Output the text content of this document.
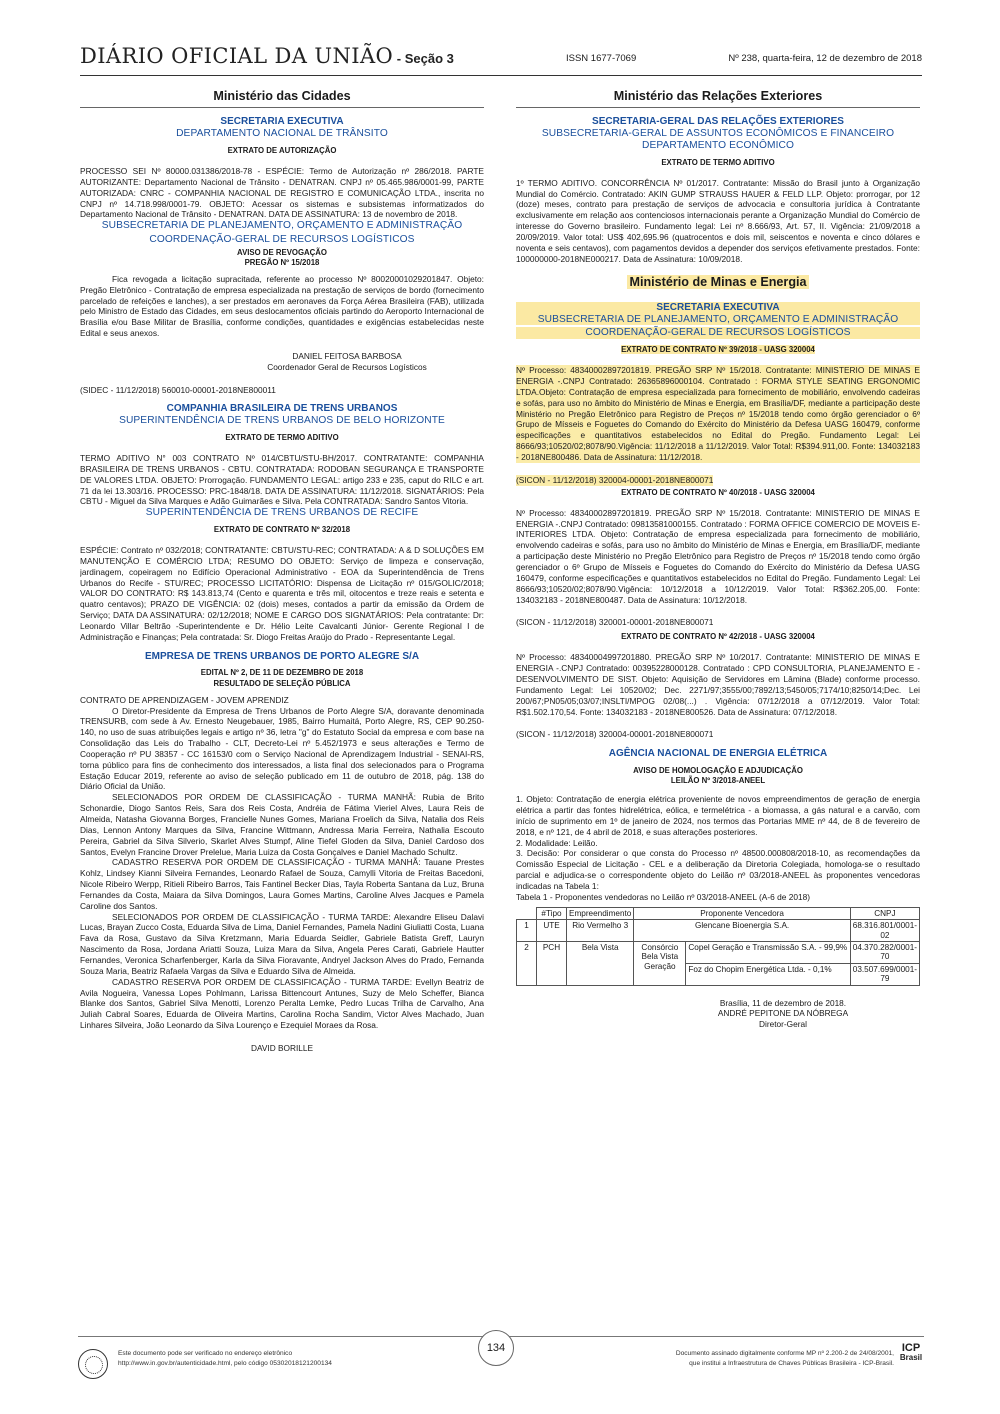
DIÁRIO OFICIAL DA UNIÃO - Seção 3	ISSN 1677-7069	Nº 238, quarta-feira, 12 de dezembro de 2018
Ministério das Cidades
SECRETARIA EXECUTIVA
DEPARTAMENTO NACIONAL DE TRÂNSITO
EXTRATO DE AUTORIZAÇÃO

PROCESSO SEI Nº 80000.031386/2018-78 - ESPÉCIE: Termo de Autorização nº 286/2018. PARTE AUTORIZANTE: Departamento Nacional de Trânsito - DENATRAN. CNPJ nº 05.465.986/0001-99, PARTE AUTORIZADA: CNRC - COMPANHIA NACIONAL DE REGISTRO E COMUNICAÇÃO LTDA., inscrita no CNPJ nº 14.718.998/0001-79. OBJETO: Acessar os sistemas e subsistemas informatizados do Departamento Nacional de Trânsito - DENATRAN. DATA DE ASSINATURA: 13 de novembro de 2018.

SUBSECRETARIA DE PLANEJAMENTO, ORÇAMENTO E ADMINISTRAÇÃO
COORDENAÇÃO-GERAL DE RECURSOS LOGÍSTICOS
AVISO DE REVOGAÇÃO
PREGÃO Nº 15/2018

Fica revogada a licitação supracitada, referente ao processo Nº 80020001029201847. Objeto: Pregão Eletrônico - Contratação de empresa especializada na prestação de serviços de bordo (fornecimento parcelado de refeições e lanches), a ser prestados em aeronaves da Força Aérea Brasileira (FAB), utilizada pelo Ministro de Estado das Cidades, em seus deslocamentos oficiais partindo do Aeroporto Internacional de Brasília e/ou Base Militar de Brasília, conforme condições, quantidades e exigências estabelecidas neste Edital e seus anexos.

DANIEL FEITOSA BARBOSA
Coordenador Geral de Recursos Logísticos

(SIDEC - 11/12/2018) 560010-00001-2018NE800011

COMPANHIA BRASILEIRA DE TRENS URBANOS
SUPERINTENDÊNCIA DE TRENS URBANOS DE BELO HORIZONTE
EXTRATO DE TERMO ADITIVO

TERMO ADITIVO N° 003 CONTRATO Nº 014/CBTU/STU-BH/2017. CONTRATANTE: COMPANHIA BRASILEIRA DE TRENS URBANOS - CBTU. CONTRATADA: RODOBAN SEGURANÇA E TRANSPORTE DE VALORES LTDA. OBJETO: Prorrogação. FUNDAMENTO LEGAL: artigo 233 e 235, caput do RILC e art. 71 da lei 13.303/16. PROCESSO: PRC-1848/18. DATA DE ASSINATURA: 11/12/2018. SIGNATÁRIOS: Pela CBTU - Miguel da Silva Marques e Adão Guimarães e Silva. Pela CONTRATADA: Sandro Santos Vitoria.

SUPERINTENDÊNCIA DE TRENS URBANOS DE RECIFE
EXTRATO DE CONTRATO Nº 32/2018

ESPÉCIE: Contrato nº 032/2018; CONTRATANTE: CBTU/STU-REC; CONTRATADA: A & D SOLUÇÕES EM MANUTENÇÃO E COMÉRCIO LTDA; RESUMO DO OBJETO: Serviço de limpeza e conservação, jardinagem, copeiragem no Edifício Operacional Administrativo - EOA da Superintendência de Trens Urbanos do Recife - STU/REC; PROCESSO LICITATÓRIO: Dispensa de Licitação nº 015/GOLIC/2018; VALOR DO CONTRATO: R$ 143.813,74 (Cento e quarenta e três mil, oitocentos e treze reais e setenta e quatro centavos); PRAZO DE VIGÊNCIA: 02 (dois) meses, contados a partir da emissão da Ordem de Serviço; DATA DA ASSINATURA: 02/12/2018; NOME E CARGO DOS SIGNATÁRIOS: Pela contratante: Dr: Leonardo Villar Beltrão -Superintendente e Dr. Hélio Leite Cavalcanti Júnior- Gerente Regional I de Administração e Finanças; Pela contratada: Sr. Diogo Freitas Araújo do Prado - Representante Legal.

EMPRESA DE TRENS URBANOS DE PORTO ALEGRE S/A
EDITAL Nº 2, DE 11 DE DEZEMBRO DE 2018
RESULTADO DE SELEÇÃO PÚBLICA

CONTRATO DE APRENDIZAGEM - JOVEM APRENDIZ

O Diretor-Presidente da Empresa de Trens Urbanos de Porto Alegre S/A, doravante denominada TRENSURB, com sede à Av. Ernesto Neugebauer, 1985, Bairro Humaitá, Porto Alegre, RS, CEP 90.250-140, no uso de suas atribuições legais e artigo nº 36, letra "g" do Estatuto Social da empresa e com base na Consolidação das Leis do Trabalho - CLT, Decreto-Lei nº 5.452/1973 e seus alterações e Termo de Cooperação nº PU 38357 - CC 16153/0 com o Serviço Nacional de Aprendizagem Industrial - SENAI-RS, torna público para fins de conhecimento dos interessados, a lista final dos selecionados para o Programa Estação Educar 2019, referente ao aviso de seleção publicado em 11 de outubro de 2018, pág. 138 do Diário Oficial da União.

SELECIONADOS POR ORDEM DE CLASSIFICAÇÃO - TURMA MANHÃ: Rubia de Brito Schonardie, Diogo Santos Reis, Sara dos Reis Costa, Andréia de Fátima Vieriel Alves, Laura Reis de Almeida, Natasha Giovanna Borges, Francielle Nunes Gomes, Mariana Froelich da Silva, Natalia dos Reis Dias, Lennon Antony Marques da Silva, Francine Wittmann, Andressa Maria Ferreira, Nathalia Escouto Pereira, Gabriel da Silva Silverio, Skarlet Alves Stumpf, Aline Tiefel Gloden da Silva, Daniel Cardoso dos Santos, Evelyn Francine Drover Prelelue, Maria Luiza da Costa Gonçalves e Daniel Machado Schultz.

CADASTRO RESERVA POR ORDEM DE CLASSIFICAÇÃO - TURMA MANHÃ: Tauane Prestes Kohlz, Lindsey Kianni Silveira Fernandes, Leonardo Rafael de Souza, Camylli Vitoria de Freitas Bacedoni, Nicole Ribeiro Werpp, Ritieli Ribeiro Barros, Tais Fantinel Becker Dias, Tayla Roberta Santana da Luz, Bruna Fernandes da Costa, Maiara da Silva Domingos, Laura Gomes Martins, Caroline Alves Jacques e Pamela Caroline dos Santos.

SELECIONADOS POR ORDEM DE CLASSIFICAÇÃO - TURMA TARDE: Alexandre Eliseu Dalavi Lucas, Brayan Zucco Costa, Eduarda Silva de Lima, Daniel Fernandes, Pamela Nadini Giuliatti Costa, Luana Fava da Rosa, Gustavo da Silva Kretzmann, Maria Eduarda Seidler, Gabriele Batista Greff, Lauryn Nascimento da Rosa, Jordana Ariatti Souza, Luiza Mara da Silva, Angela Peres Carati, Gabriele Hautter Fernandes, Veronica Scharfenberger, Karla da Silva Fioravante, Andryel Jackson Alves do Prado, Fernanda Souza Maria, Beatriz Rafaela Vargas da Silva e Eduardo Silva de Almeida.

CADASTRO RESERVA POR ORDEM DE CLASSIFICAÇÃO - TURMA TARDE: Evellyn Beatriz de Avila Nogueira, Vanessa Lopes Pohlmann, Larissa Bittencourt Antunes, Suzy de Melo Scheffer, Bianca Blanke dos Santos, Gabriel Silva Menotti, Lorenzo Peralta Lemke, Pedro Lucas Trilha de Carvalho, Ana Juliah Cabral Soares, Eduarda de Oliveira Martins, Carolina Rocha Sandim, Victor Alves Machado, Juan Linhares Silveira, João Leonardo da Silva Lourenço e Ezequiel Moraes da Rosa.

DAVID BORILLE
Ministério das Relações Exteriores
SECRETARIA-GERAL DAS RELAÇÕES EXTERIORES
SUBSECRETARIA-GERAL DE ASSUNTOS ECONÔMICOS E FINANCEIRO
DEPARTAMENTO ECONÔMICO
EXTRATO DE TERMO ADITIVO

1º TERMO ADITIVO. CONCORRÊNCIA Nº 01/2017. Contratante: Missão do Brasil junto à Organização Mundial do Comércio. Contratado: AKIN GUMP STRAUSS HAUER & FELD LLP. Objeto: prorrogar, por 12 (doze) meses, contrato para prestação de serviços de advocacia e consultoria jurídica à Contratante exclusivamente em relação aos contenciosos internacionais perante a Organização Mundial do Comércio de interesse do Governo brasileiro. Fundamento legal: Lei nº 8.666/93, Art. 57, II. Vigência: 21/09/2018 a 20/09/2019. Valor total: US$ 402,695.96 (quatrocentos e dois mil, seiscentos e noventa e cinco dólares e noventa e seis centavos), com pagamentos devidos a depender dos serviços efetivamente prestados. Fonte: 100000000-2018NE000217. Data de Assinatura: 10/09/2018.

Ministério de Minas e Energia
SECRETARIA EXECUTIVA
SUBSECRETARIA DE PLANEJAMENTO, ORÇAMENTO E ADMINISTRAÇÃO
COORDENAÇÃO-GERAL DE RECURSOS LOGÍSTICOS
EXTRATO DE CONTRATO Nº 39/2018 - UASG 320004

Nº Processo: 48340002897201819. PREGÃO SRP Nº 15/2018. Contratante: MINISTERIO DE MINAS E ENERGIA -.CNPJ Contratado: 26365896000104. Contratado : FORMA STYLE SEATING ERGONOMIC LTDA.Objeto: Contratação de empresa especializada para fornecimento de mobiliário, envolvendo cadeiras e sofás, para uso no âmbito do Ministério de Minas e Energia, em Brasília/DF, mediante a participação deste Ministério no Pregão Eletrônico para Registro de Preços nº 15/2018 tendo como órgão gerenciador o 6º Grupo de Mísseis e Foguetes do Comando do Exército do Ministério da Defesa UASG 160479, conforme especificações e quantitativos estabelecidos no Edital do Pregão. Fundamento Legal: Lei 8666/93;10520/02;8078/90.Vigência: 11/12/2018 a 11/12/2019. Valor Total: R$394.911,00. Fonte: 134032183 - 2018NE800486. Data de Assinatura: 11/12/2018.

(SICON - 11/12/2018) 320004-00001-2018NE800071

EXTRATO DE CONTRATO Nº 40/2018 - UASG 320004

Nº Processo: 48340002897201819. PREGÃO SRP Nº 15/2018. Contratante: MINISTERIO DE MINAS E ENERGIA -.CNPJ Contratado: 09813581000155. Contratado : FORMA OFFICE COMERCIO DE MOVEIS E-INTERIORES LTDA. Objeto: Contratação de empresa especializada para fornecimento de mobiliário, envolvendo cadeiras e sofás, para uso no âmbito do Ministério de Minas e Energia, em Brasília/DF, mediante a participação deste Ministério no Pregão Eletrônico para Registro de Preços nº 15/2018 tendo como órgão gerenciador o 6º Grupo de Mísseis e Foguetes do Comando do Exército do Ministério da Defesa UASG 160479, conforme especificações e quantitativos estabelecidos no Edital do Pregão. Fundamento Legal: Lei 8666/93;10520/02;8078/90.Vigência: 10/12/2018 a 10/12/2019. Valor Total: R$362.205,00. Fonte: 134032183 - 2018NE800487. Data de Assinatura: 10/12/2018.

(SICON - 11/12/2018) 320001-00001-2018NE800071

EXTRATO DE CONTRATO Nº 42/2018 - UASG 320004

Nº Processo: 48340004997201880. PREGÃO SRP Nº 10/2017. Contratante: MINISTERIO DE MINAS E ENERGIA -.CNPJ Contratado: 00395228000128. Contratado : CPD CONSULTORIA, PLANEJAMENTO E - DESENVOLVIMENTO DE SIST. Objeto: Aquisição de Servidores em Lâmina (Blade) conforme processo. Fundamento Legal: Lei 10520/02; Dec. 2271/97;3555/00;7892/13;5450/05;7174/10;8250/14;Dec. Lei 200/67;PN05/05;03/07;INSLTI/MPOG 02/08(...) . Vigência: 07/12/2018 a 07/12/2019. Valor Total: R$1.502.170,54. Fonte: 134032183 - 2018NE800526. Data de Assinatura: 07/12/2018.

(SICON - 11/12/2018) 320004-00001-2018NE800071

AGÊNCIA NACIONAL DE ENERGIA ELÉTRICA
AVISO DE HOMOLOGAÇÃO E ADJUDICAÇÃO
LEILÃO Nº 3/2018-ANEEL

1. Objeto: Contratação de energia elétrica proveniente de novos empreendimentos de geração de energia elétrica a partir das fontes hidrelétrica, eólica, e termelétrica - a biomassa, a gás natural e a carvão, com início de suprimento em 1º de janeiro de 2024, nos termos das Portarias MME nº 44, de 8 de fevereiro de 2018, e nº 121, de 4 abril de 2018, e suas alterações posteriores.

2. Modalidade: Leilão.

3. Decisão: Por considerar o que consta do Processo nº 48500.000808/2018-10, as recomendações da Comissão Especial de Licitação - CEL e a deliberação da Diretoria Colegiada, homologa-se o resultado parcial e adjudica-se o correspondente objeto do Leilão nº 03/2018-ANEEL às proponentes vencedoras indicadas na Tabela 1:

Tabela 1 - Proponentes vendedoras no Leilão nº 03/2018-ANEEL (A-6 de 2018)

	#Tipo	Empreendimento	Proponente Vencedora		CNPJ
1	UTE	Rio Vermelho 3	Glencane Bioenergia S.A.		68.316.801/0001-02
2	PCH	Bela Vista	Consórcio Bela Vista Geração	Copel Geração e Transmissão S.A. - 99,9%	04.370.282/0001-70
				Foz do Chopim Energética Ltda. - 0,1%	03.507.699/0001-79
Brasília, 11 de dezembro de 2018.
ANDRÉ PEPITONE DA NÓBREGA
Diretor-Geral
Este documento pode ser verificado no endereço eletrônico
http://www.in.gov.br/autenticidade.html, pelo código 05302018121200134
134	Documento assinado digitalmente conforme MP nº 2.200-2 de 24/08/2001,
que institui a Infraestrutura de Chaves Públicas Brasileira - ICP-Brasil.
ICP
Brasil
